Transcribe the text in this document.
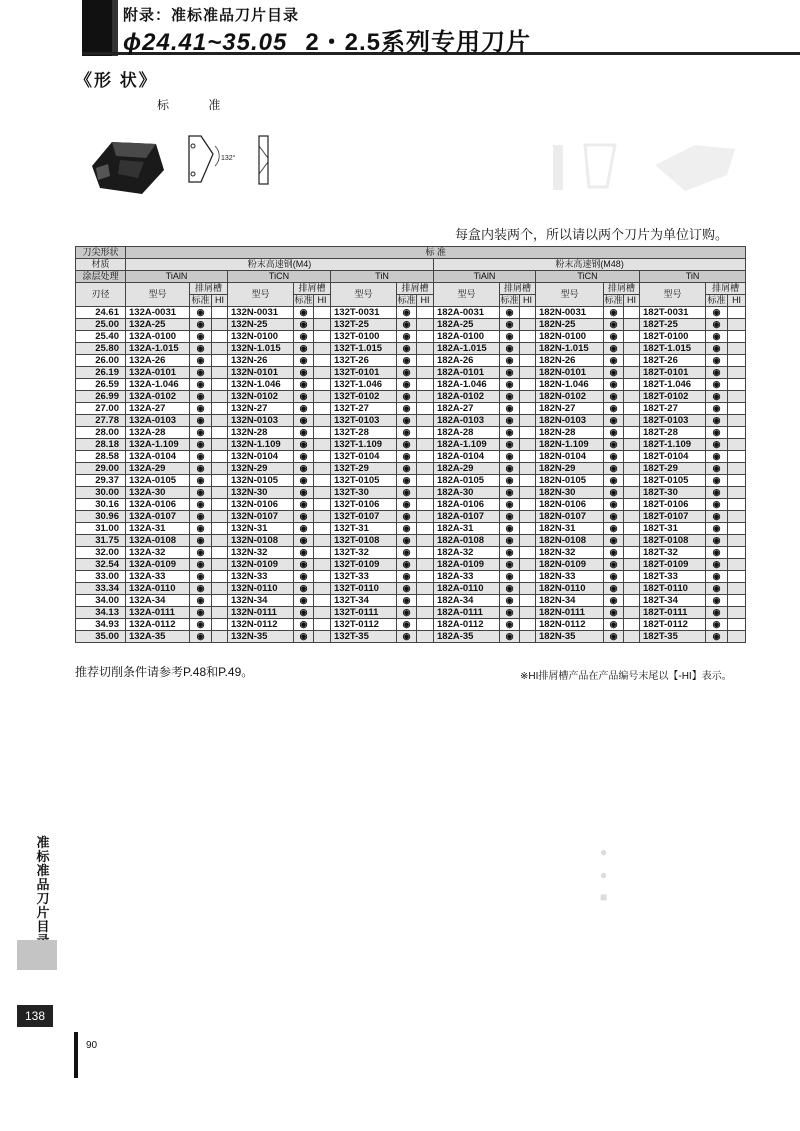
附录：准标准品刀片目录
ϕ24.41~35.05 2・2.5系列专用刀片
《形 状》
标 准
132°
每盒内装两个，所以请以两个刀片为单位订购。
刀尖形状	标 准																	
材质	粉末高速钢(M4)									粉末高速钢(M48)								
涂层处理	TiAlN			TiCN			TiN			TiAlN			TiCN			TiN		
刃径	型号	排屑槽		型号	排屑槽		型号	排屑槽		型号	排屑槽		型号	排屑槽		型号	排屑槽	
		标准	HI		标准	HI		标准	HI		标准	HI		标准	HI		标准	HI
24.61	132A-0031	◉		132N-0031	◉		132T-0031	◉		182A-0031	◉		182N-0031	◉		182T-0031	◉	
25.00	132A-25	◉		132N-25	◉		132T-25	◉		182A-25	◉		182N-25	◉		182T-25	◉	
25.40	132A-0100	◉		132N-0100	◉		132T-0100	◉		182A-0100	◉		182N-0100	◉		182T-0100	◉	
25.80	132A-1.015	◉		132N-1.015	◉		132T-1.015	◉		182A-1.015	◉		182N-1.015	◉		182T-1.015	◉	
26.00	132A-26	◉		132N-26	◉		132T-26	◉		182A-26	◉		182N-26	◉		182T-26	◉	
26.19	132A-0101	◉		132N-0101	◉		132T-0101	◉		182A-0101	◉		182N-0101	◉		182T-0101	◉	
26.59	132A-1.046	◉		132N-1.046	◉		132T-1.046	◉		182A-1.046	◉		182N-1.046	◉		182T-1.046	◉	
26.99	132A-0102	◉		132N-0102	◉		132T-0102	◉		182A-0102	◉		182N-0102	◉		182T-0102	◉	
27.00	132A-27	◉		132N-27	◉		132T-27	◉		182A-27	◉		182N-27	◉		182T-27	◉	
27.78	132A-0103	◉		132N-0103	◉		132T-0103	◉		182A-0103	◉		182N-0103	◉		182T-0103	◉	
28.00	132A-28	◉		132N-28	◉		132T-28	◉		182A-28	◉		182N-28	◉		182T-28	◉	
28.18	132A-1.109	◉		132N-1.109	◉		132T-1.109	◉		182A-1.109	◉		182N-1.109	◉		182T-1.109	◉	
28.58	132A-0104	◉		132N-0104	◉		132T-0104	◉		182A-0104	◉		182N-0104	◉		182T-0104	◉	
29.00	132A-29	◉		132N-29	◉		132T-29	◉		182A-29	◉		182N-29	◉		182T-29	◉	
29.37	132A-0105	◉		132N-0105	◉		132T-0105	◉		182A-0105	◉		182N-0105	◉		182T-0105	◉	
30.00	132A-30	◉		132N-30	◉		132T-30	◉		182A-30	◉		182N-30	◉		182T-30	◉	
30.16	132A-0106	◉		132N-0106	◉		132T-0106	◉		182A-0106	◉		182N-0106	◉		182T-0106	◉	
30.96	132A-0107	◉		132N-0107	◉		132T-0107	◉		182A-0107	◉		182N-0107	◉		182T-0107	◉	
31.00	132A-31	◉		132N-31	◉		132T-31	◉		182A-31	◉		182N-31	◉		182T-31	◉	
31.75	132A-0108	◉		132N-0108	◉		132T-0108	◉		182A-0108	◉		182N-0108	◉		182T-0108	◉	
32.00	132A-32	◉		132N-32	◉		132T-32	◉		182A-32	◉		182N-32	◉		182T-32	◉	
32.54	132A-0109	◉		132N-0109	◉		132T-0109	◉		182A-0109	◉		182N-0109	◉		182T-0109	◉	
33.00	132A-33	◉		132N-33	◉		132T-33	◉		182A-33	◉		182N-33	◉		182T-33	◉	
33.34	132A-0110	◉		132N-0110	◉		132T-0110	◉		182A-0110	◉		182N-0110	◉		182T-0110	◉	
34.00	132A-34	◉		132N-34	◉		132T-34	◉		182A-34	◉		182N-34	◉		182T-34	◉	
34.13	132A-0111	◉		132N-0111	◉		132T-0111	◉		182A-0111	◉		182N-0111	◉		182T-0111	◉	
34.93	132A-0112	◉		132N-0112	◉		132T-0112	◉		182A-0112	◉		182N-0112	◉		182T-0112	◉	
35.00	132A-35	◉		132N-35	◉		132T-35	◉		182A-35	◉		182N-35	◉		182T-35	◉	
推荐切削条件请参考P.48和P.49。	※HI排屑槽产品在产品编号末尾以【-HI】表示。
●
●
■
准标准品刀片目
138
90
